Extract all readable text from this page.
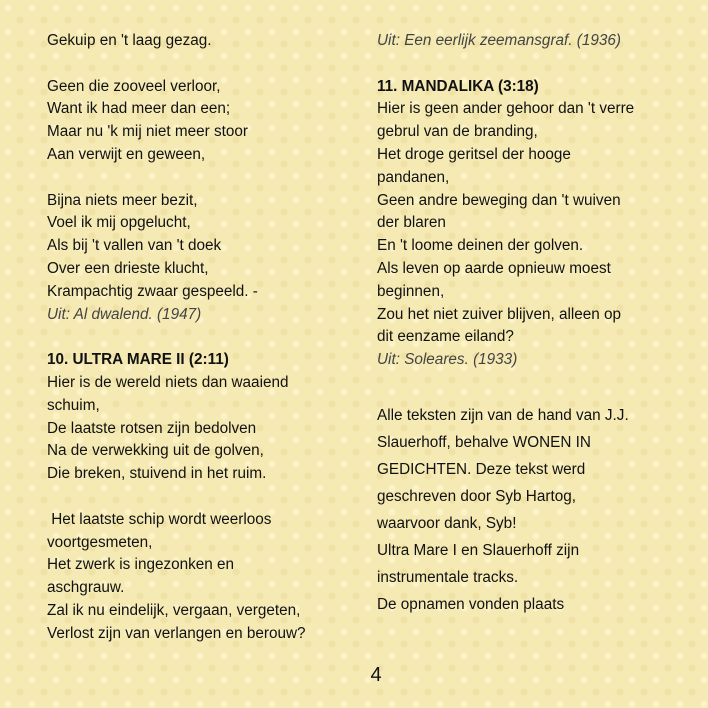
Gekuip en 't laag gezag.
Geen die zooveel verloor,
Want ik had meer dan een;
Maar nu 'k mij niet meer stoor
Aan verwijt en geween,
Bijna niets meer bezit,
Voel ik mij opgelucht,
Als bij 't vallen van 't doek
Over een drieste klucht,
Krampachtig zwaar gespeeld. -
Uit: Al dwalend. (1947)
10. ULTRA MARE II (2:11)
Hier is de wereld niets dan waaiend
schuim,
De laatste rotsen zijn bedolven
Na de verwekking uit de golven,
Die breken, stuivend in het ruim.
Het laatste schip wordt weerloos
voortgesmeten,
Het zwerk is ingezonken en
aschgrauw.
Zal ik nu eindelijk, vergaan, vergeten,
Verlost zijn van verlangen en berouw?
Uit: Een eerlijk zeemansgraf. (1936)
11. MANDALIKA (3:18)
Hier is geen ander gehoor dan 't verre
gebrul van de branding,
Het droge geritsel der hooge
pandanen,
Geen andre beweging dan 't wuiven
der blaren
En 't loome deinen der golven.
Als leven op aarde opnieuw moest
beginnen,
Zou het niet zuiver blijven, alleen op
dit eenzame eiland?
Uit: Soleares. (1933)
Alle teksten zijn van de hand van J.J.
Slauerhoff, behalve WONEN IN
GEDICHTEN. Deze tekst werd
geschreven door Syb Hartog,
waarvoor dank, Syb!
Ultra Mare I en Slauerhoff zijn
instrumentale tracks.
De opnamen vonden plaats
4
